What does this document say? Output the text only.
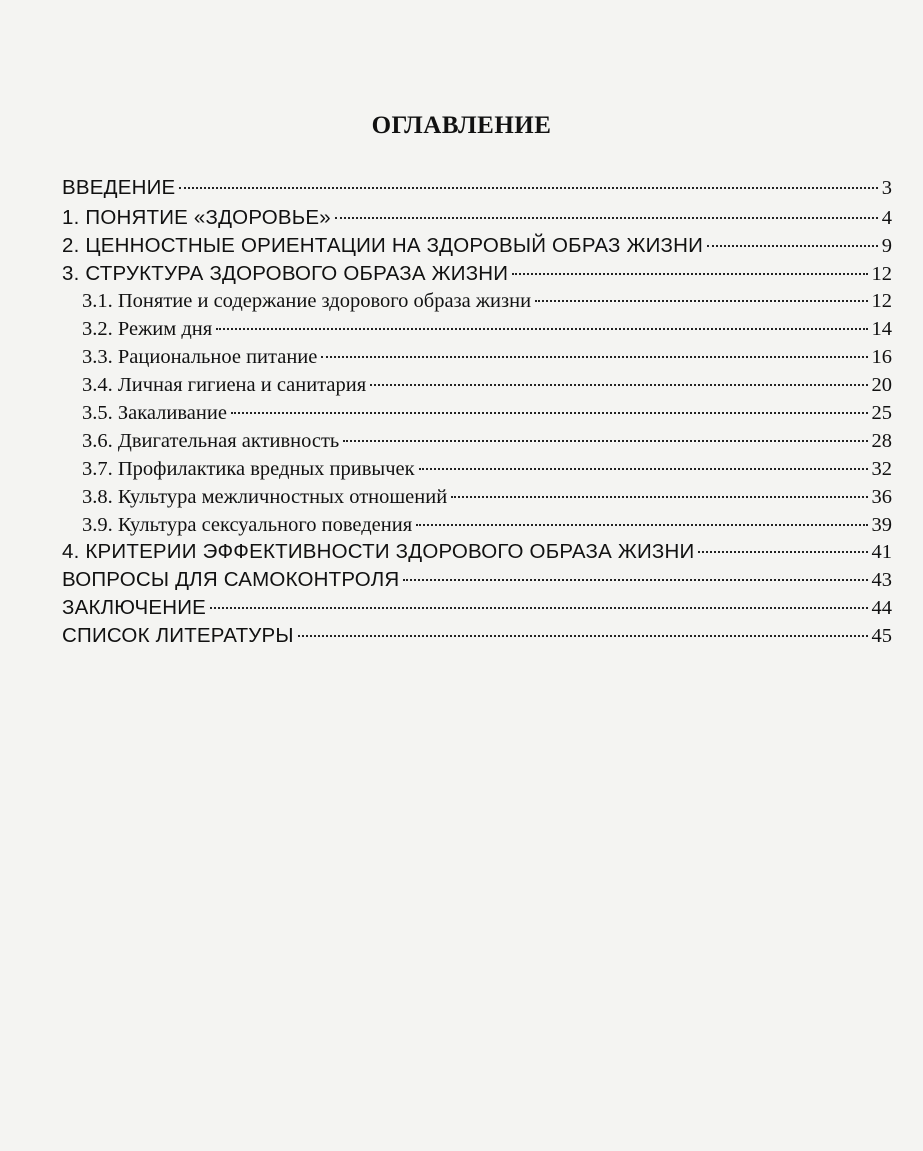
ОГЛАВЛЕНИЕ
ВВЕДЕНИЕ	3
1. ПОНЯТИЕ «ЗДОРОВЬЕ»	4
2. ЦЕННОСТНЫЕ ОРИЕНТАЦИИ НА ЗДОРОВЫЙ ОБРАЗ ЖИЗНИ	9
3. СТРУКТУРА ЗДОРОВОГО ОБРАЗА ЖИЗНИ	12
3.1. Понятие и содержание здорового образа жизни	12
3.2. Режим дня	14
3.3. Рациональное питание	16
3.4. Личная гигиена и санитария	20
3.5. Закаливание	25
3.6. Двигательная активность	28
3.7. Профилактика вредных привычек	32
3.8. Культура межличностных отношений	36
3.9. Культура сексуального поведения	39
4. КРИТЕРИИ ЭФФЕКТИВНОСТИ ЗДОРОВОГО ОБРАЗА ЖИЗНИ	41
ВОПРОСЫ ДЛЯ САМОКОНТРОЛЯ	43
ЗАКЛЮЧЕНИЕ	44
СПИСОК ЛИТЕРАТУРЫ	45
